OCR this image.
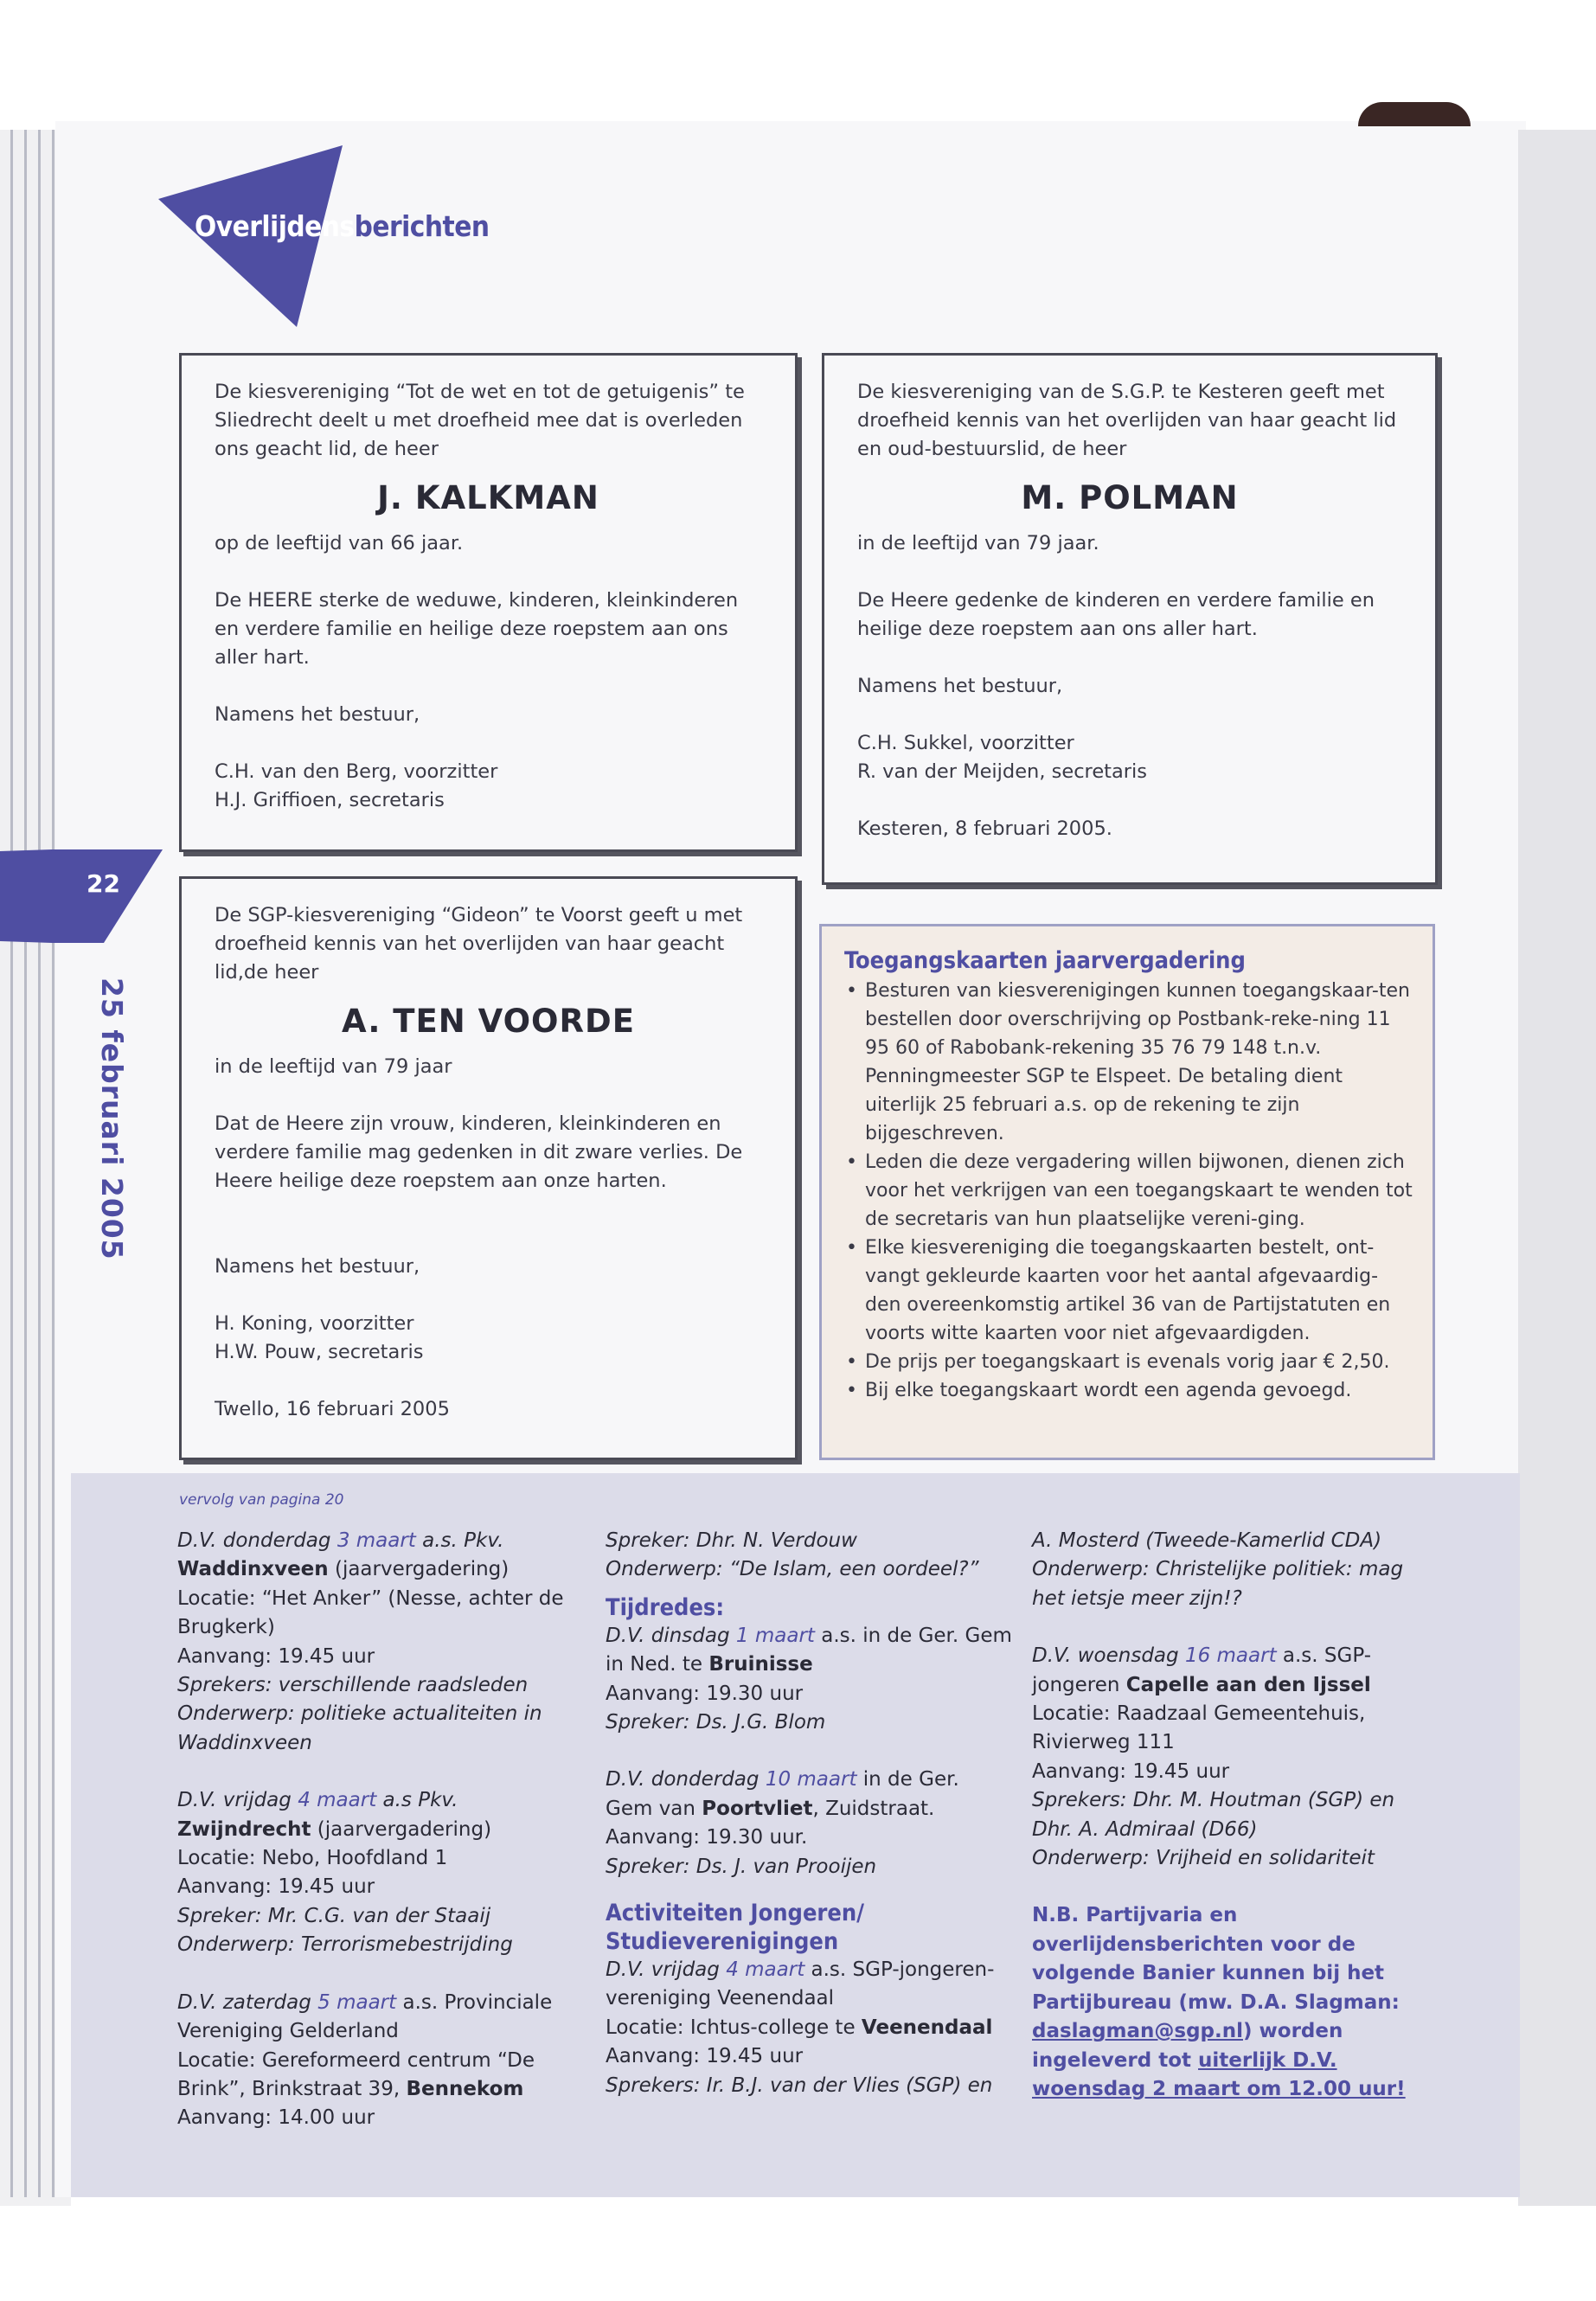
Overlijdensberichten

De kiesvereniging “Tot de wet en tot de getuigenis” te Sliedrecht deelt u met droefheid mee dat is overleden ons geacht lid, de heer

J. KALKMAN

op de leeftijd van 66 jaar.

De HEERE sterke de weduwe, kinderen, kleinkinderen en verdere familie en heilige deze roepstem aan ons aller hart.

Namens het bestuur,

C.H. van den Berg, voorzitter

H.J. Griffioen, secretaris

De kiesvereniging van de S.G.P. te Kesteren geeft met droefheid kennis van het overlijden van haar geacht lid en oud-bestuurslid, de heer

M. POLMAN

in de leeftijd van 79 jaar.

De Heere gedenke de kinderen en verdere familie en heilige deze roepstem aan ons aller hart.

Namens het bestuur,

C.H. Sukkel, voorzitter

R. van der Meijden, secretaris

Kesteren, 8 februari 2005.

De SGP-kiesvereniging “Gideon” te Voorst geeft u met droefheid kennis van het overlijden van haar geacht lid,de heer

A. TEN VOORDE

in de leeftijd van 79 jaar

Dat de Heere zijn vrouw, kinderen, kleinkinderen en verdere familie mag gedenken in dit zware verlies. De Heere heilige deze roepstem aan onze harten.

Namens het bestuur,

H. Koning, voorzitter

H.W. Pouw, secretaris

Twello, 16 februari 2005

22
25 februari 2005
Toegangskaarten jaarvergadering
• Besturen van kiesverenigingen kunnen toegangskaar-ten bestellen door overschrijving op Postbank-reke-ning 11 95 60 of Rabobank-rekening 35 76 79 148 t.n.v. Penningmeester SGP te Elspeet. De betaling dient uiterlijk 25 februari a.s. op de rekening te zijn bijgeschreven.
• Leden die deze vergadering willen bijwonen, dienen zich voor het verkrijgen van een toegangskaart te wenden tot de secretaris van hun plaatselijke vereni-ging.
• Elke kiesvereniging die toegangskaarten bestelt, ont-vangt gekleurde kaarten voor het aantal afgevaardig-den overeenkomstig artikel 36 van de Partijstatuten en voorts witte kaarten voor niet afgevaardigden.
• De prijs per toegangskaart is evenals vorig jaar € 2,50.
• Bij elke toegangskaart wordt een agenda gevoegd.
vervolg van pagina 20

D.V. donderdag 3 maart a.s. Pkv. Waddinxveen (jaarvergadering)

Locatie: “Het Anker” (Nesse, achter de Brugkerk)

Aanvang: 19.45 uur

Sprekers: verschillende raadsleden

Onderwerp: politieke actualiteiten in Waddinxveen

D.V. vrijdag 4 maart a.s Pkv. Zwijndrecht (jaarvergadering)

Locatie: Nebo, Hoofdland 1

Aanvang: 19.45 uur

Spreker: Mr. C.G. van der Staaij

Onderwerp: Terrorismebestrijding

D.V. zaterdag 5 maart a.s. Provinciale Vereniging Gelderland

Locatie: Gereformeerd centrum “De Brink”, Brinkstraat 39, Bennekom

Aanvang: 14.00 uur

Spreker: Dhr. N. Verdouw

Onderwerp: “De Islam, een oordeel?”

Tijdredes:

D.V. dinsdag 1 maart a.s. in de Ger. Gem in Ned. te Bruinisse

Aanvang: 19.30 uur

Spreker: Ds. J.G. Blom

D.V. donderdag 10 maart in de Ger. Gem van Poortvliet, Zuidstraat.

Aanvang: 19.30 uur.

Spreker: Ds. J. van Prooijen

Activiteiten Jongeren/ Studieverenigingen

D.V. vrijdag 4 maart a.s. SGP-jongeren-vereniging Veenendaal

Locatie: Ichtus-college te Veenendaal

Aanvang: 19.45 uur

Sprekers: Ir. B.J. van der Vlies (SGP) en

A. Mosterd (Tweede-Kamerlid CDA)

Onderwerp: Christelijke politiek: mag het ietsje meer zijn!?

D.V. woensdag 16 maart a.s. SGP-jongeren Capelle aan den Ijssel

Locatie: Raadzaal Gemeentehuis, Rivierweg 111

Aanvang: 19.45 uur

Sprekers: Dhr. M. Houtman (SGP) en Dhr. A. Admiraal (D66)

Onderwerp: Vrijheid en solidariteit

N.B. Partijvaria en overlijdensberichten voor de volgende Banier kunnen bij het Partijbureau (mw. D.A. Slagman: daslagman@sgp.nl) worden ingeleverd tot uiterlijk D.V. woensdag 2 maart om 12.00 uur!
